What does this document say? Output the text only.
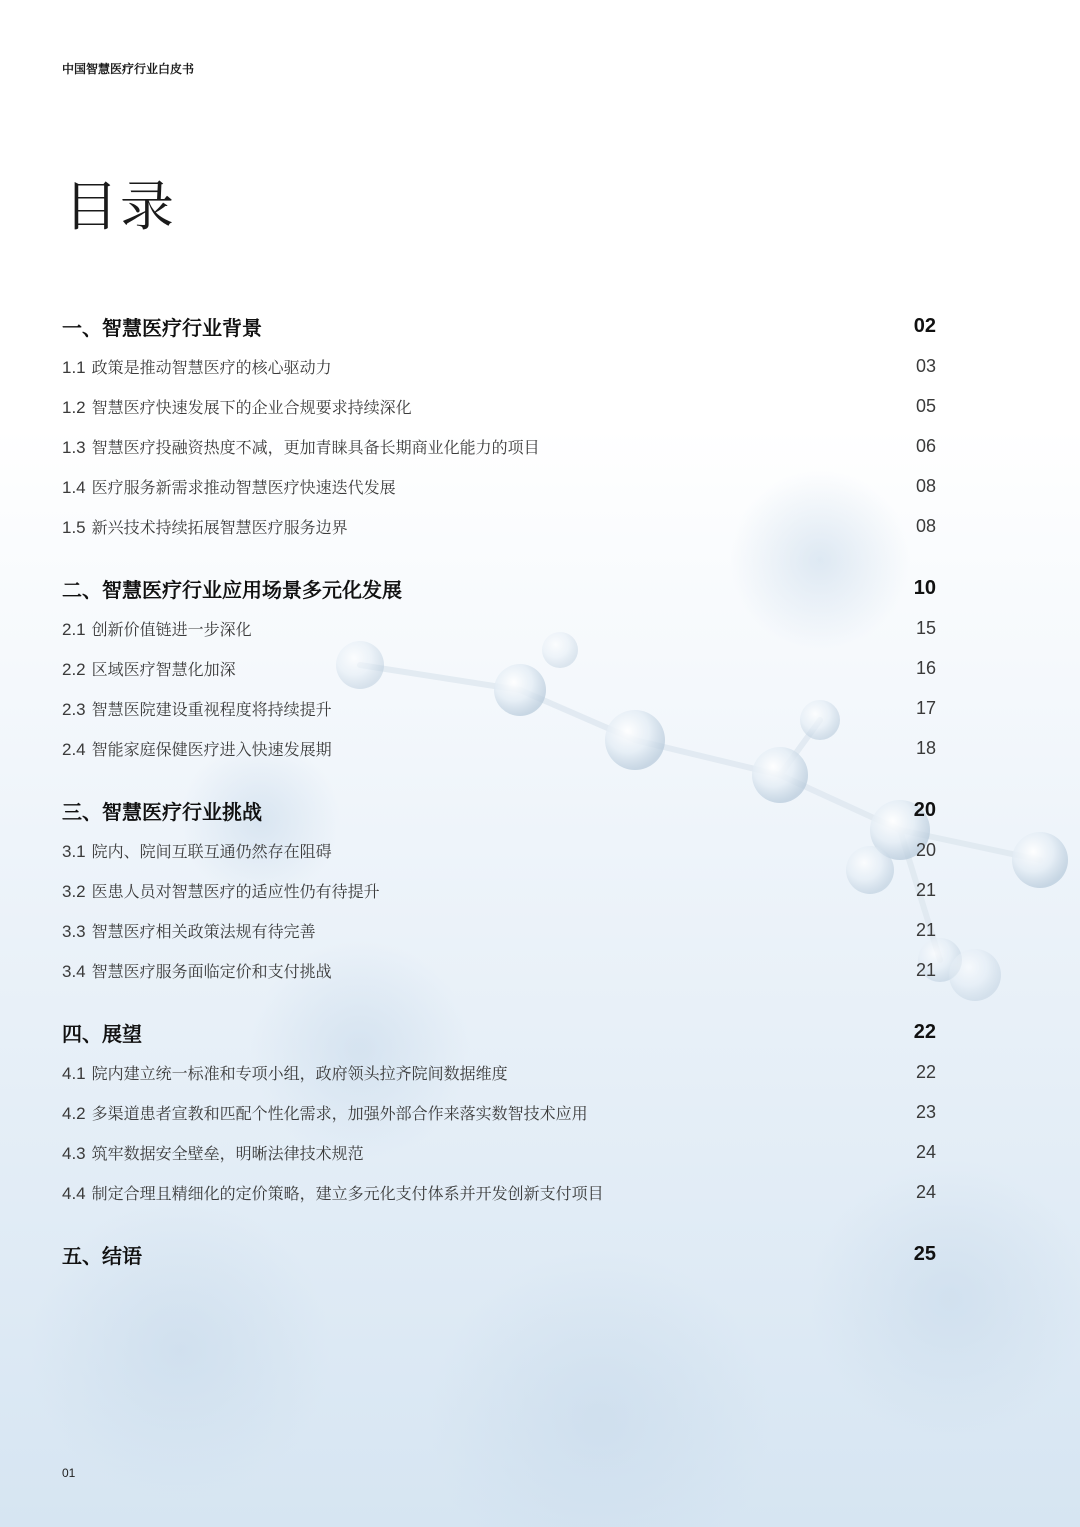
中国智慧医疗行业白皮书
目录
一、智慧医疗行业背景	02
1.1 政策是推动智慧医疗的核心驱动力	03
1.2 智慧医疗快速发展下的企业合规要求持续深化	05
1.3 智慧医疗投融资热度不减，更加青睐具备长期商业化能力的项目	06
1.4 医疗服务新需求推动智慧医疗快速迭代发展	08
1.5 新兴技术持续拓展智慧医疗服务边界	08
二、智慧医疗行业应用场景多元化发展	10
2.1 创新价值链进一步深化	15
2.2 区域医疗智慧化加深	16
2.3 智慧医院建设重视程度将持续提升	17
2.4 智能家庭保健医疗进入快速发展期	18
三、智慧医疗行业挑战	20
3.1 院内、院间互联互通仍然存在阻碍	20
3.2 医患人员对智慧医疗的适应性仍有待提升	21
3.3 智慧医疗相关政策法规有待完善	21
3.4 智慧医疗服务面临定价和支付挑战	21
四、展望	22
4.1 院内建立统一标准和专项小组，政府领头拉齐院间数据维度	22
4.2 多渠道患者宣教和匹配个性化需求，加强外部合作来落实数智技术应用	23
4.3 筑牢数据安全壁垒，明晰法律技术规范	24
4.4 制定合理且精细化的定价策略，建立多元化支付体系并开发创新支付项目	24
五、结语	25
01
